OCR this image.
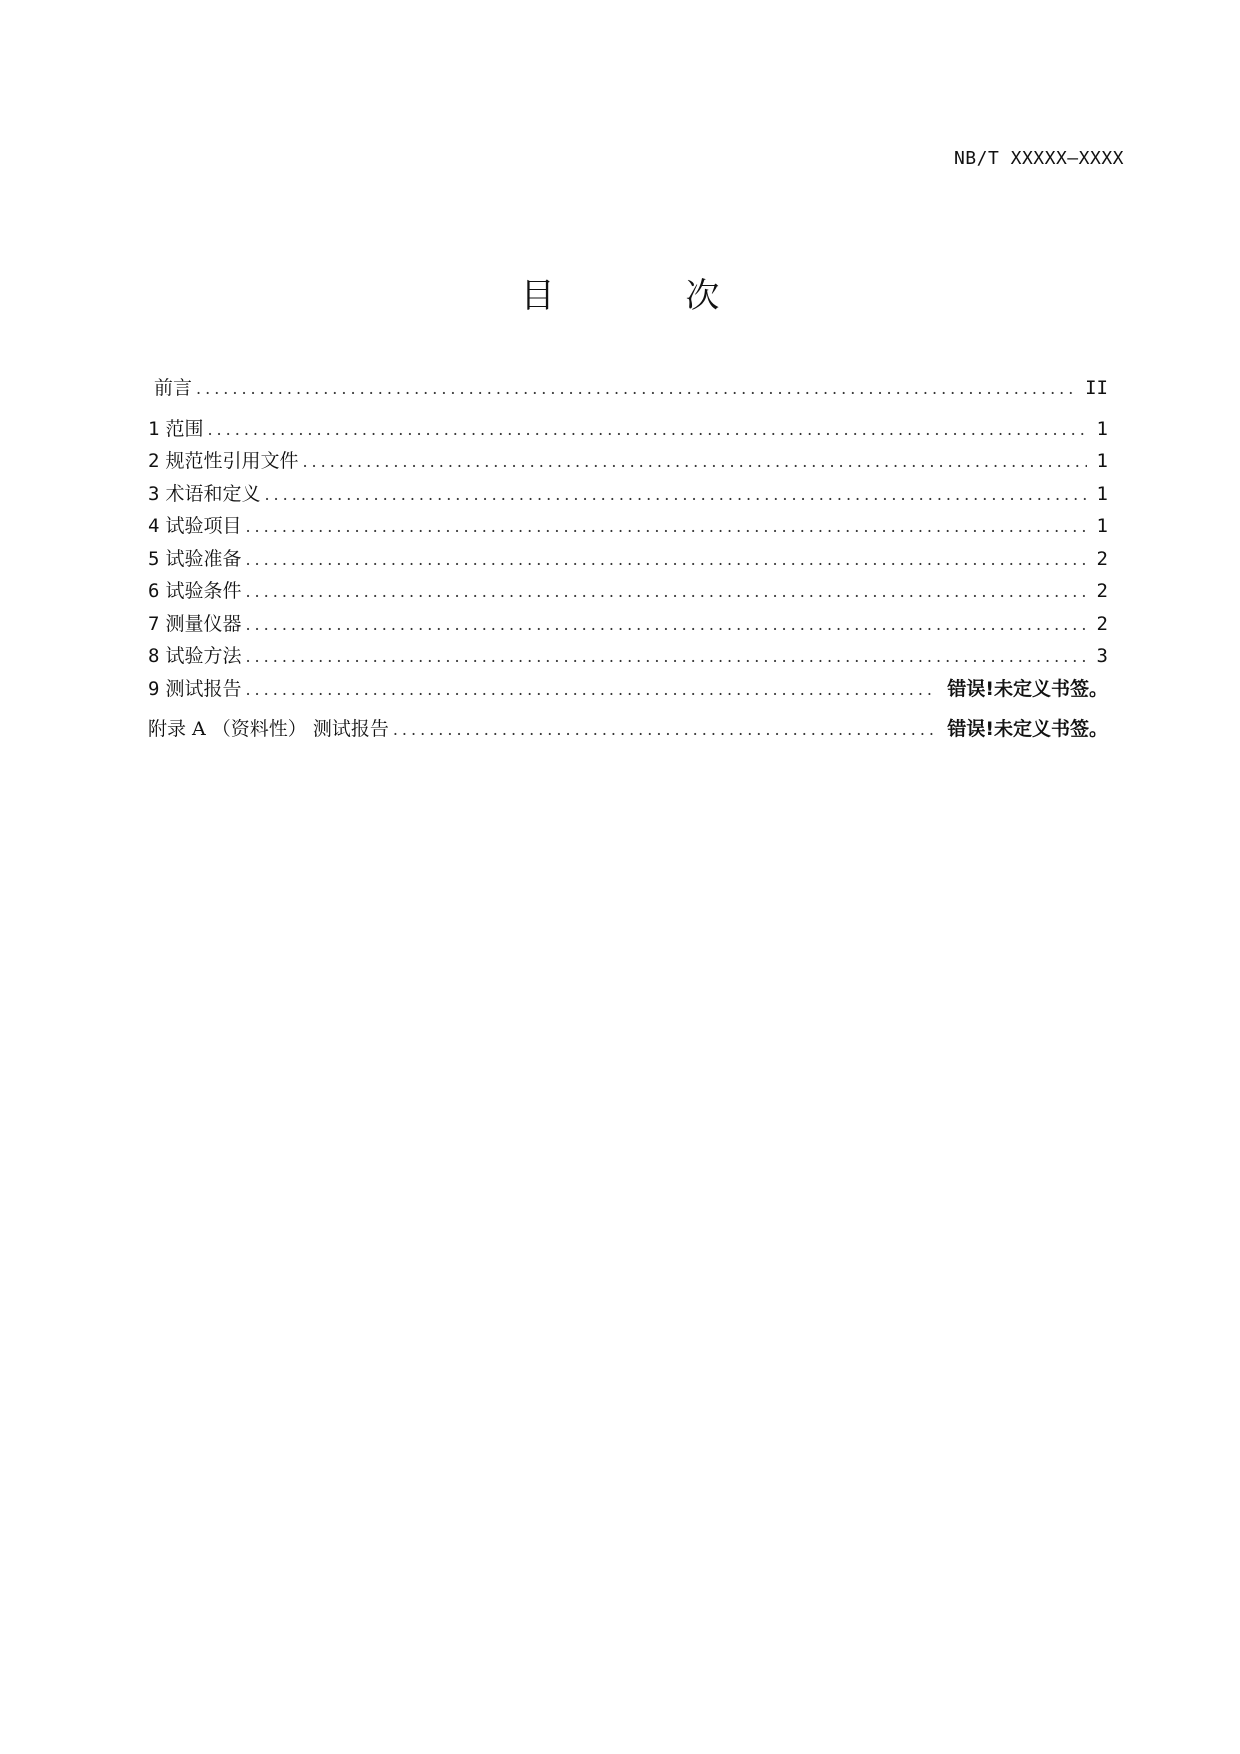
NB/T XXXXX—XXXX
目 次
前言 .....	II
1 范围 .....	1
2 规范性引用文件 .....	1
3 术语和定义 .....	1
4 试验项目 .....	1
5 试验准备 .....	2
6 试验条件 .....	2
7 测量仪器 .....	2
8 试验方法 .....	3
9 测试报告 .....	错误!未定义书签。
附录 A （资料性） 测试报告 .....	错误!未定义书签。
